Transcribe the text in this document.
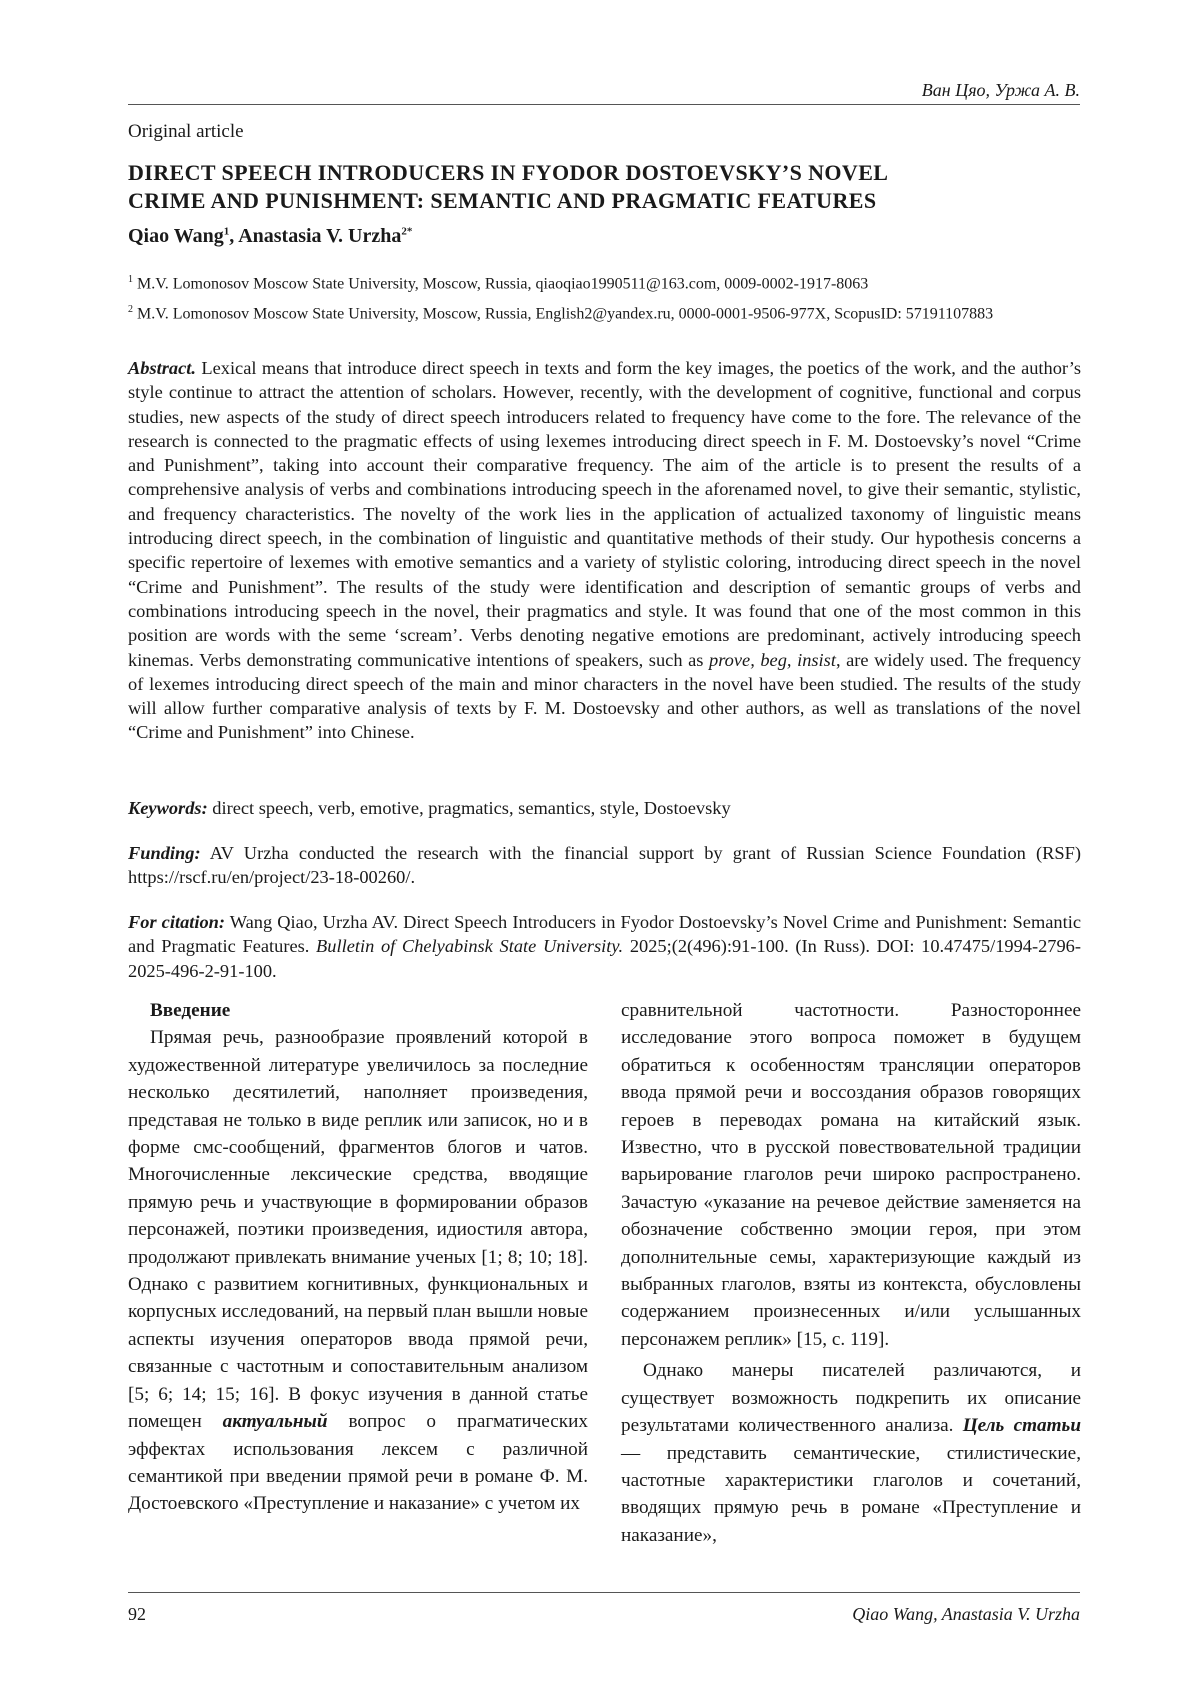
Ван Цяо, Уржа А. В.
Original article
DIRECT SPEECH INTRODUCERS IN FYODOR DOSTOEVSKY’S NOVEL
CRIME AND PUNISHMENT: SEMANTIC AND PRAGMATIC FEATURES
Qiao Wang$^1$, Anastasia V. Urzha$^{2*}$
$^1$ M.V. Lomonosov Moscow State University, Moscow, Russia, qiaoqiao1990511@163.com, 0009-0002-1917-8063
$^2$ M.V. Lomonosov Moscow State University, Moscow, Russia, English2@yandex.ru, 0000-0001-9506-977X, ScopusID: 57191107883

Abstract. Lexical means that introduce direct speech in texts and form the key images, the poetics of the work, and the author’s style continue to attract the attention of scholars. However, recently, with the development of cognitive, functional and corpus studies, new aspects of the study of direct speech introducers related to frequency have come to the fore. The relevance of the research is connected to the pragmatic effects of using lexemes introducing direct speech in F. M. Dostoevsky’s novel “Crime and Punishment”, taking into account their comparative frequency. The aim of the article is to present the results of a comprehensive analysis of verbs and combinations introducing speech in the aforenamed novel, to give their semantic, stylistic, and frequency characteristics. The novelty of the work lies in the application of actualized taxonomy of linguistic means introducing direct speech, in the combination of linguistic and quantitative methods of their study. Our hypothesis concerns a specific repertoire of lexemes with emotive semantics and a variety of stylistic coloring, introducing direct speech in the novel “Crime and Punishment”. The results of the study were identification and description of semantic groups of verbs and combinations introducing speech in the novel, their pragmatics and style. It was found that one of the most common in this position are words with the seme ‘scream’. Verbs denoting negative emotions are predominant, actively introducing speech kinemas. Verbs demonstrating communicative intentions of speakers, such as prove, beg, insist, are widely used. The frequency of lexemes introducing direct speech of the main and minor characters in the novel have been studied. The results of the study will allow further comparative analysis of texts by F. M. Dostoevsky and other authors, as well as translations of the novel “Crime and Punishment” into Chinese.

Keywords: direct speech, verb, emotive, pragmatics, semantics, style, Dostoevsky

Funding: AV Urzha conducted the research with the financial support by grant of Russian Science Foundation (RSF) https://rscf.ru/en/project/23-18-00260/.

For citation: Wang Qiao, Urzha AV. Direct Speech Introducers in Fyodor Dostoevsky’s Novel Crime and Punishment: Semantic and Pragmatic Features. Bulletin of Chelyabinsk State University. 2025;(2(496):91-100. (In Russ). DOI: 10.47475/1994-2796-2025-496-2-91-100.

Введение

Прямая речь, разнообразие проявлений которой в художественной литературе увеличилось за последние несколько десятилетий, наполняет произведения, представая не только в виде реплик или записок, но и в форме смс-сообщений, фрагментов блогов и чатов. Многочисленные лексические средства, вводящие прямую речь и участвующие в формировании образов персонажей, поэтики произведения, идиостиля автора, продолжают привлекать внимание ученых [1; 8; 10; 18]. Однако с развитием когнитивных, функциональных и корпусных исследований, на первый план вышли новые аспекты изучения операторов ввода прямой речи, связанные с частотным и сопоставительным анализом [5; 6; 14; 15; 16]. В фокус изучения в данной статье помещен актуальный вопрос о прагматических эффектах использования лексем с различной семантикой при введении прямой речи в романе Ф. М. Достоевского «Преступление и наказание» с учетом их

сравнительной частотности. Разностороннее исследование этого вопроса поможет в будущем обратиться к особенностям трансляции операторов ввода прямой речи и воссоздания образов говорящих героев в переводах романа на китайский язык. Известно, что в русской повествовательной традиции варьирование глаголов речи широко распространено. Зачастую «указание на речевое действие заменяется на обозначение собственно эмоции героя, при этом дополнительные семы, характеризующие каждый из выбранных глаголов, взяты из контекста, обусловлены содержанием произнесенных и/или услышанных персонажем реплик» [15, с. 119].

Однако манеры писателей различаются, и существует возможность подкрепить их описание результатами количественного анализа. Цель статьи — представить семантические, стилистические, частотные характеристики глаголов и сочетаний, вводящих прямую речь в романе «Преступление и наказание»,

92	Qiao Wang, Anastasia V. Urzha
